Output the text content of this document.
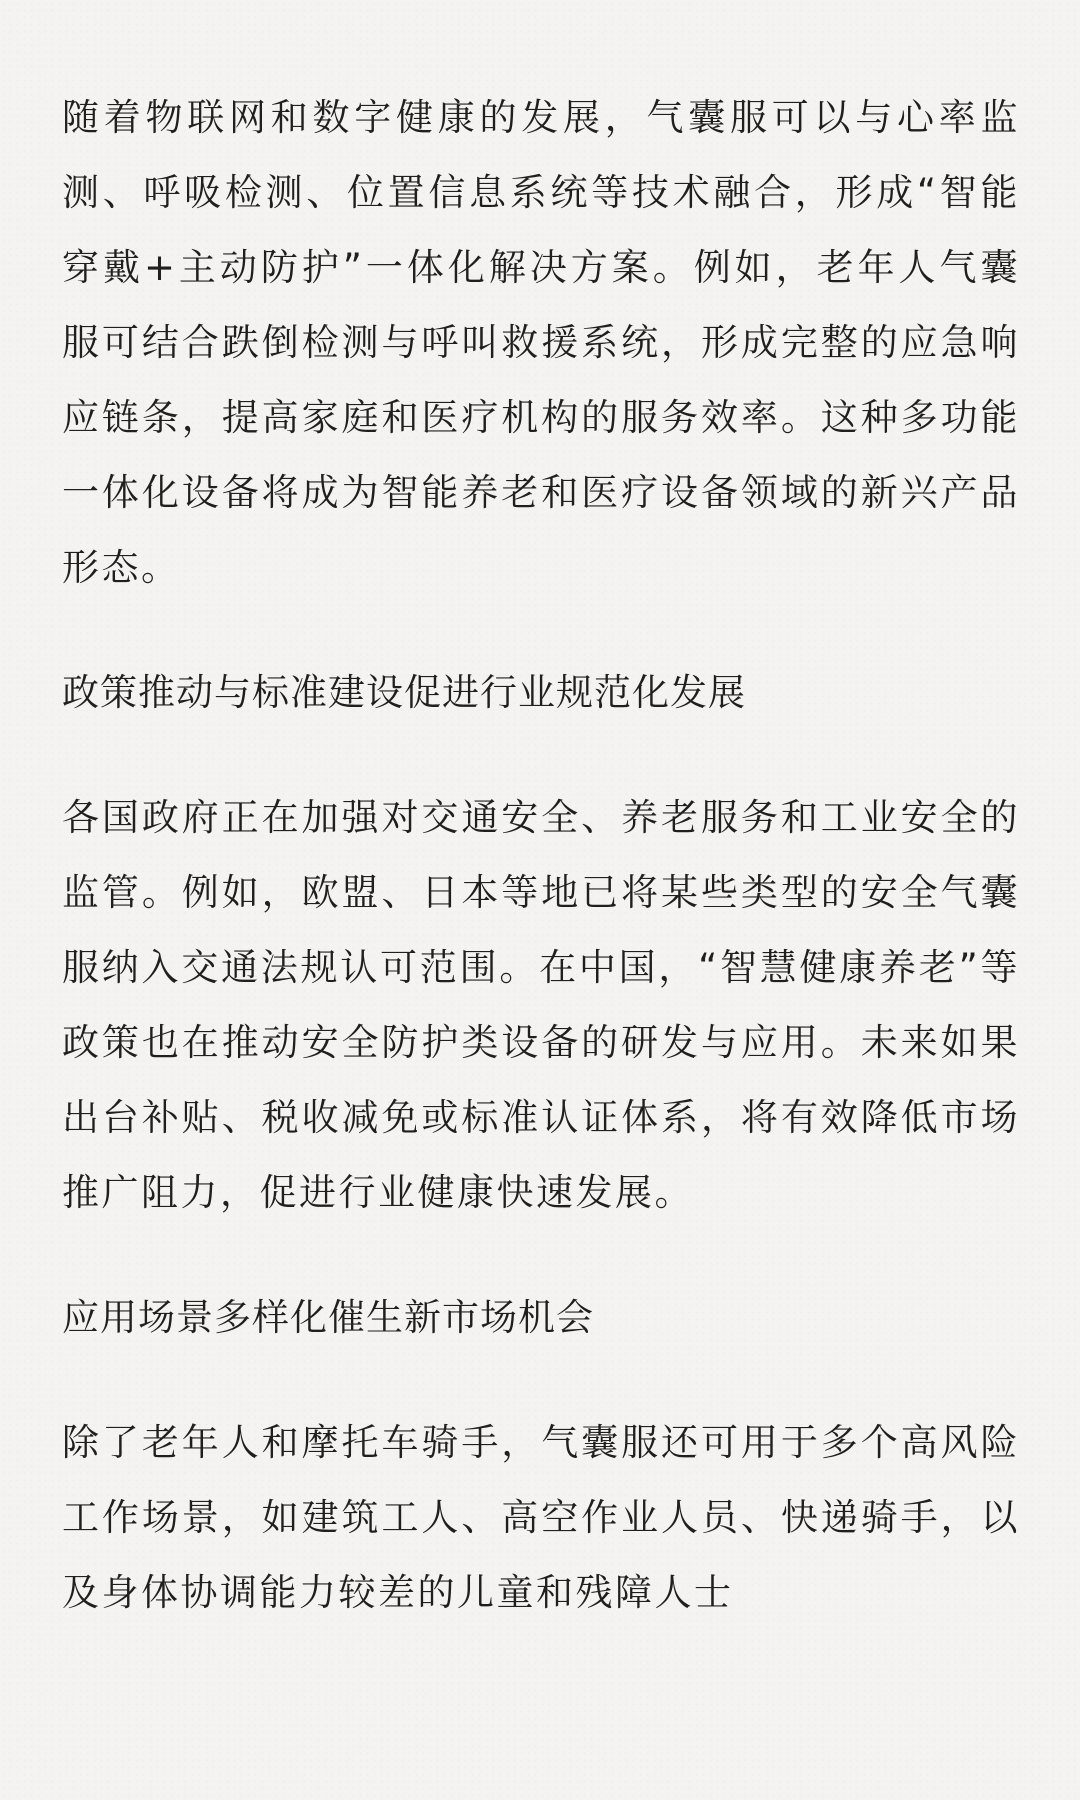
随着物联网和数字健康的发展，气囊服可以与心率监测、呼吸检测、位置信息系统等技术融合，形成“智能穿戴+主动防护”一体化解决方案。例如，老年人气囊服可结合跌倒检测与呼叫救援系统，形成完整的应急响应链条，提高家庭和医疗机构的服务效率。这种多功能一体化设备将成为智能养老和医疗设备领域的新兴产品形态。

政策推动与标准建设促进行业规范化发展

各国政府正在加强对交通安全、养老服务和工业安全的监管。例如，欧盟、日本等地已将某些类型的安全气囊服纳入交通法规认可范围。在中国，“智慧健康养老”等政策也在推动安全防护类设备的研发与应用。未来如果出台补贴、税收减免或标准认证体系，将有效降低市场推广阻力，促进行业健康快速发展。

应用场景多样化催生新市场机会

除了老年人和摩托车骑手，气囊服还可用于多个高风险工作场景，如建筑工人、高空作业人员、快递骑手，以及身体协调能力较差的儿童和残障人士
